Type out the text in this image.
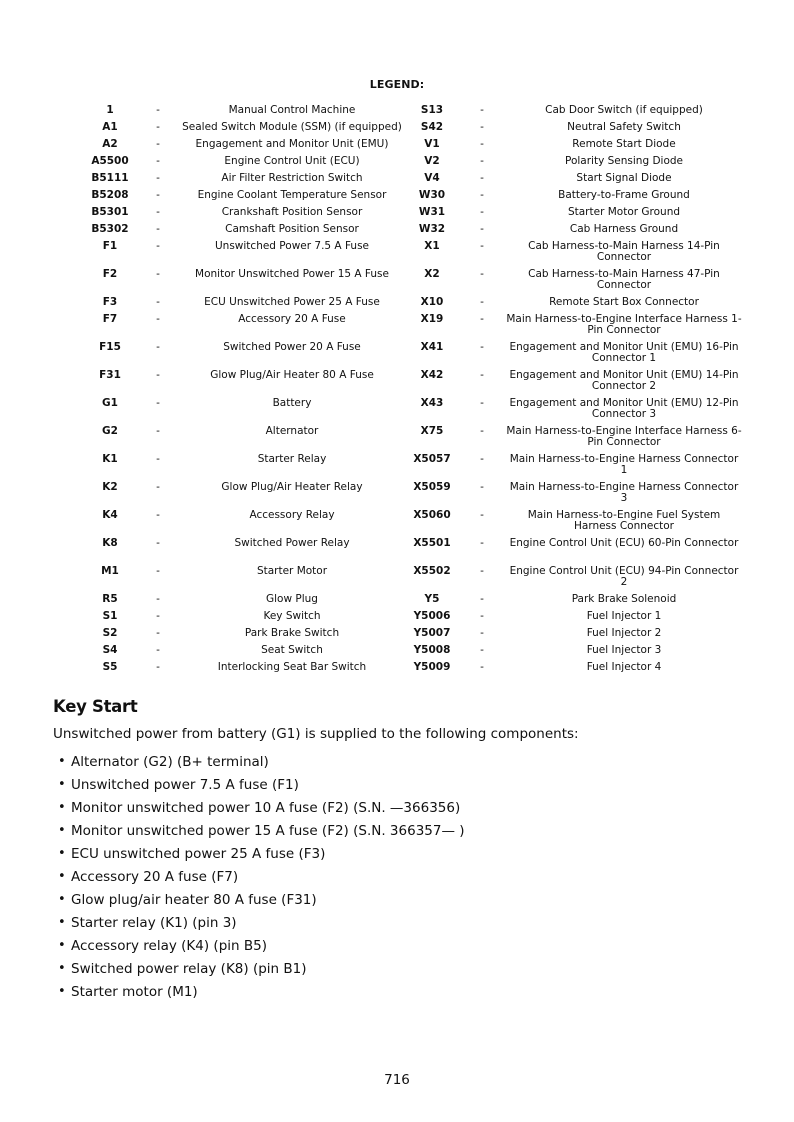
LEGEND:
1	-	Manual Control Machine	S13	-	Cab Door Switch (if equipped)
A1	-	Sealed Switch Module (SSM) (if equipped)	S42	-	Neutral Safety Switch
A2	-	Engagement and Monitor Unit (EMU)	V1	-	Remote Start Diode
A5500	-	Engine Control Unit (ECU)	V2	-	Polarity Sensing Diode
B5111	-	Air Filter Restriction Switch	V4	-	Start Signal Diode
B5208	-	Engine Coolant Temperature Sensor	W30	-	Battery-to-Frame Ground
B5301	-	Crankshaft Position Sensor	W31	-	Starter Motor Ground
B5302	-	Camshaft Position Sensor	W32	-	Cab Harness Ground
F1	-	Unswitched Power 7.5 A Fuse	X1	-	Cab Harness-to-Main Harness 14-Pin Connector
F2	-	Monitor Unswitched Power 15 A Fuse	X2	-	Cab Harness-to-Main Harness 47-Pin Connector
F3	-	ECU Unswitched Power 25 A Fuse	X10	-	Remote Start Box Connector
F7	-	Accessory 20 A Fuse	X19	-	Main Harness-to-Engine Interface Harness 1-Pin Connector
F15	-	Switched Power 20 A Fuse	X41	-	Engagement and Monitor Unit (EMU) 16-Pin Connector 1
F31	-	Glow Plug/Air Heater 80 A Fuse	X42	-	Engagement and Monitor Unit (EMU) 14-Pin Connector 2
G1	-	Battery	X43	-	Engagement and Monitor Unit (EMU) 12-Pin Connector 3
G2	-	Alternator	X75	-	Main Harness-to-Engine Interface Harness 6-Pin Connector
K1	-	Starter Relay	X5057	-	Main Harness-to-Engine Harness Connector 1
K2	-	Glow Plug/Air Heater Relay	X5059	-	Main Harness-to-Engine Harness Connector 3
K4	-	Accessory Relay	X5060	-	Main Harness-to-Engine Fuel System Harness Connector
K8	-	Switched Power Relay	X5501	-	Engine Control Unit (ECU) 60-Pin Connector
M1	-	Starter Motor	X5502	-	Engine Control Unit (ECU) 94-Pin Connector 2
R5	-	Glow Plug	Y5	-	Park Brake Solenoid
S1	-	Key Switch	Y5006	-	Fuel Injector 1
S2	-	Park Brake Switch	Y5007	-	Fuel Injector 2
S4	-	Seat Switch	Y5008	-	Fuel Injector 3
S5	-	Interlocking Seat Bar Switch	Y5009	-	Fuel Injector 4
Key Start

Unswitched power from battery (G1) is supplied to the following components:

• Alternator (G2) (B+ terminal)
• Unswitched power 7.5 A fuse (F1)
• Monitor unswitched power 10 A fuse (F2) (S.N. —366356)
• Monitor unswitched power 15 A fuse (F2) (S.N. 366357— )
• ECU unswitched power 25 A fuse (F3)
• Accessory 20 A fuse (F7)
• Glow plug/air heater 80 A fuse (F31)
• Starter relay (K1) (pin 3)
• Accessory relay (K4) (pin B5)
• Switched power relay (K8) (pin B1)
• Starter motor (M1)
716
